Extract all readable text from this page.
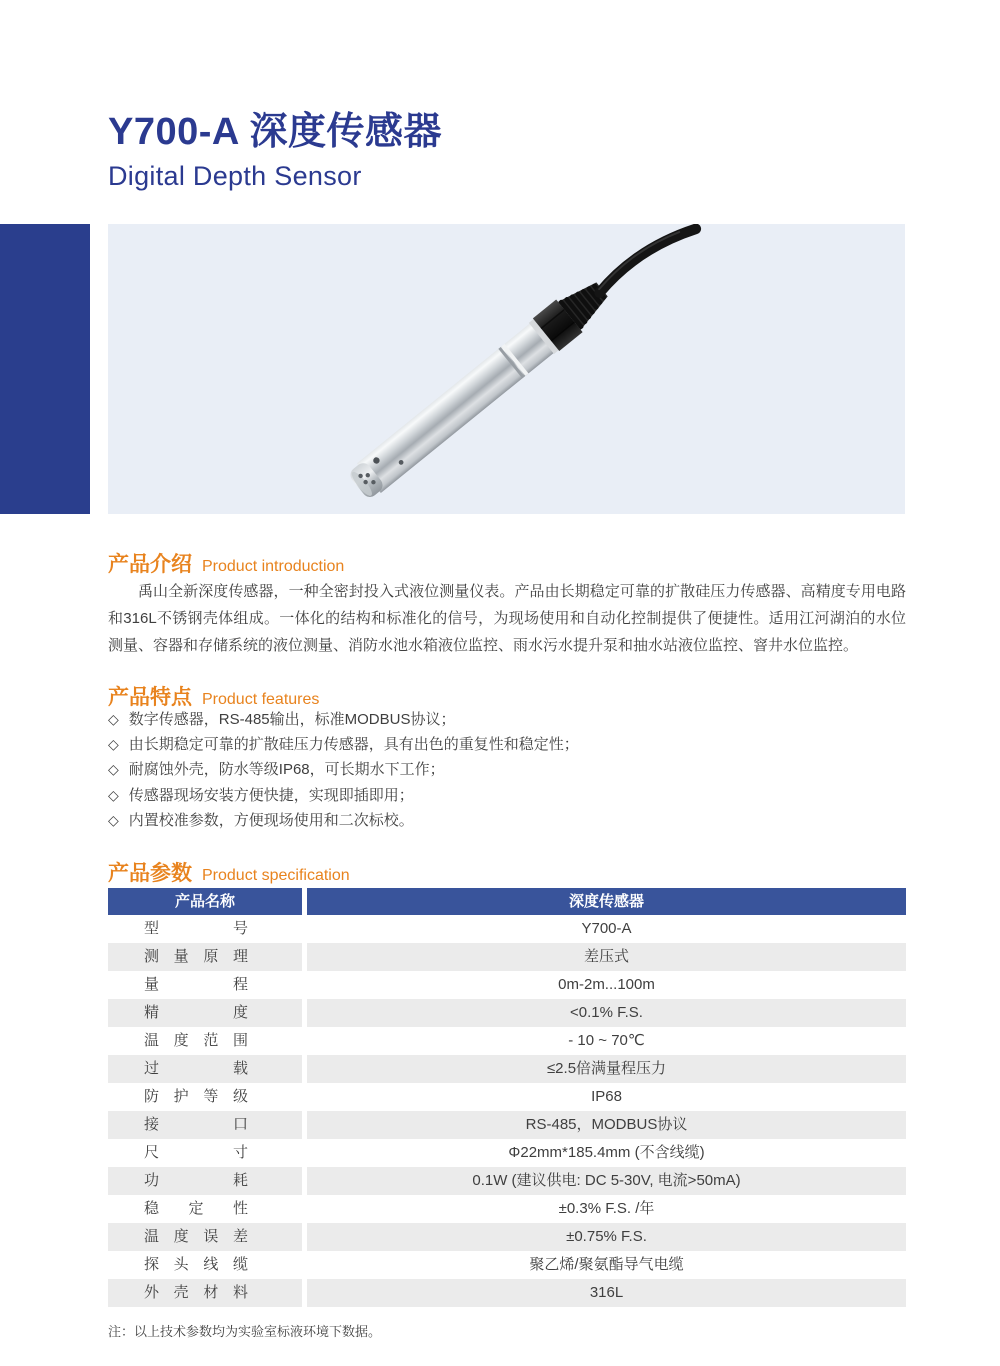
Y700-A 深度传感器
Digital Depth Sensor
产品介绍 Product introduction

禹山全新深度传感器，一种全密封投入式液位测量仪表。产品由长期稳定可靠的扩散硅压力传感器、高精度专用电路和316L不锈钢壳体组成。一体化的结构和标准化的信号，为现场使用和自动化控制提供了便捷性。适用江河湖泊的水位测量、容器和存储系统的液位测量、消防水池水箱液位监控、雨水污水提升泵和抽水站液位监控、窨井水位监控。

产品特点 Product features
◇ 数字传感器，RS-485输出，标准MODBUS协议；
◇ 由长期稳定可靠的扩散硅压力传感器，具有出色的重复性和稳定性；
◇ 耐腐蚀外壳，防水等级IP68，可长期水下工作；
◇ 传感器现场安装方便快捷，实现即插即用；
◇ 内置校准参数，方便现场使用和二次标校。
产品参数 Product specification
产品名称	深度传感器
型号	Y700-A
测量原理	差压式
量程	0m-2m...100m
精度	<0.1% F.S.
温度范围	- 10 ~ 70℃
过载	≤2.5倍满量程压力
防护等级	IP68
接口	RS-485，MODBUS协议
尺寸	Φ22mm*185.4mm (不含线缆)
功耗	0.1W (建议供电: DC 5-30V, 电流>50mA)
稳定性	±0.3% F.S. /年
温度误差	±0.75% F.S.
探头线缆	聚乙烯/聚氨酯导气电缆
外壳材料	316L
注：以上技术参数均为实验室标液环境下数据。
